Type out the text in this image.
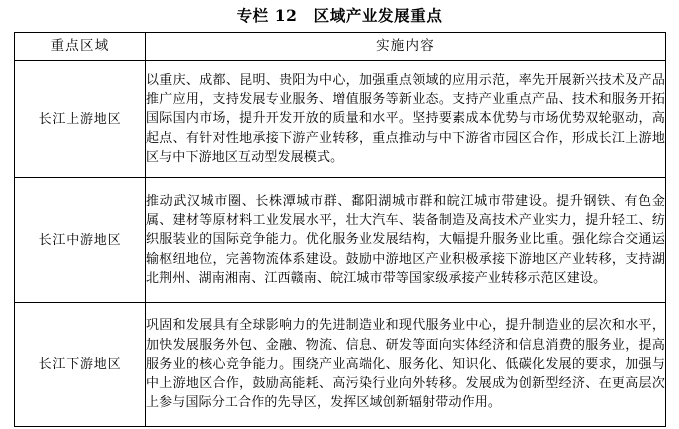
专栏 12　区域产业发展重点
重点区域	实施内容
长江上游地区	以重庆、成都、昆明、贵阳为中心，加强重点领域的应用示范，率先开展新兴技术及产品推广应用，支持发展专业服务、增值服务等新业态。支持产业重点产品、技术和服务开拓国际国内市场，提升开发开放的质量和水平。坚持要素成本优势与市场优势双轮驱动，高起点、有针对性地承接下游产业转移，重点推动与中下游省市园区合作，形成长江上游地区与中下游地区互动型发展模式。

长江中游地区	推动武汉城市圈、长株潭城市群、鄱阳湖城市群和皖江城市带建设。提升钢铁、有色金属、建材等原材料工业发展水平，壮大汽车、装备制造及高技术产业实力，提升轻工、纺织服装业的国际竞争能力。优化服务业发展结构，大幅提升服务业比重。强化综合交通运输枢纽地位，完善物流体系建设。鼓励中游地区产业积极承接下游地区产业转移，支持湖北荆州、湖南湘南、江西赣南、皖江城市带等国家级承接产业转移示范区建设。

长江下游地区	巩固和发展具有全球影响力的先进制造业和现代服务业中心，提升制造业的层次和水平，加快发展服务外包、金融、物流、信息、研发等面向实体经济和信息消费的服务业，提高服务业的核心竞争能力。围绕产业高端化、服务化、知识化、低碳化发展的要求，加强与中上游地区合作，鼓励高能耗、高污染行业向外转移。发展成为创新型经济、在更高层次上参与国际分工合作的先导区，发挥区域创新辐射带动作用。
